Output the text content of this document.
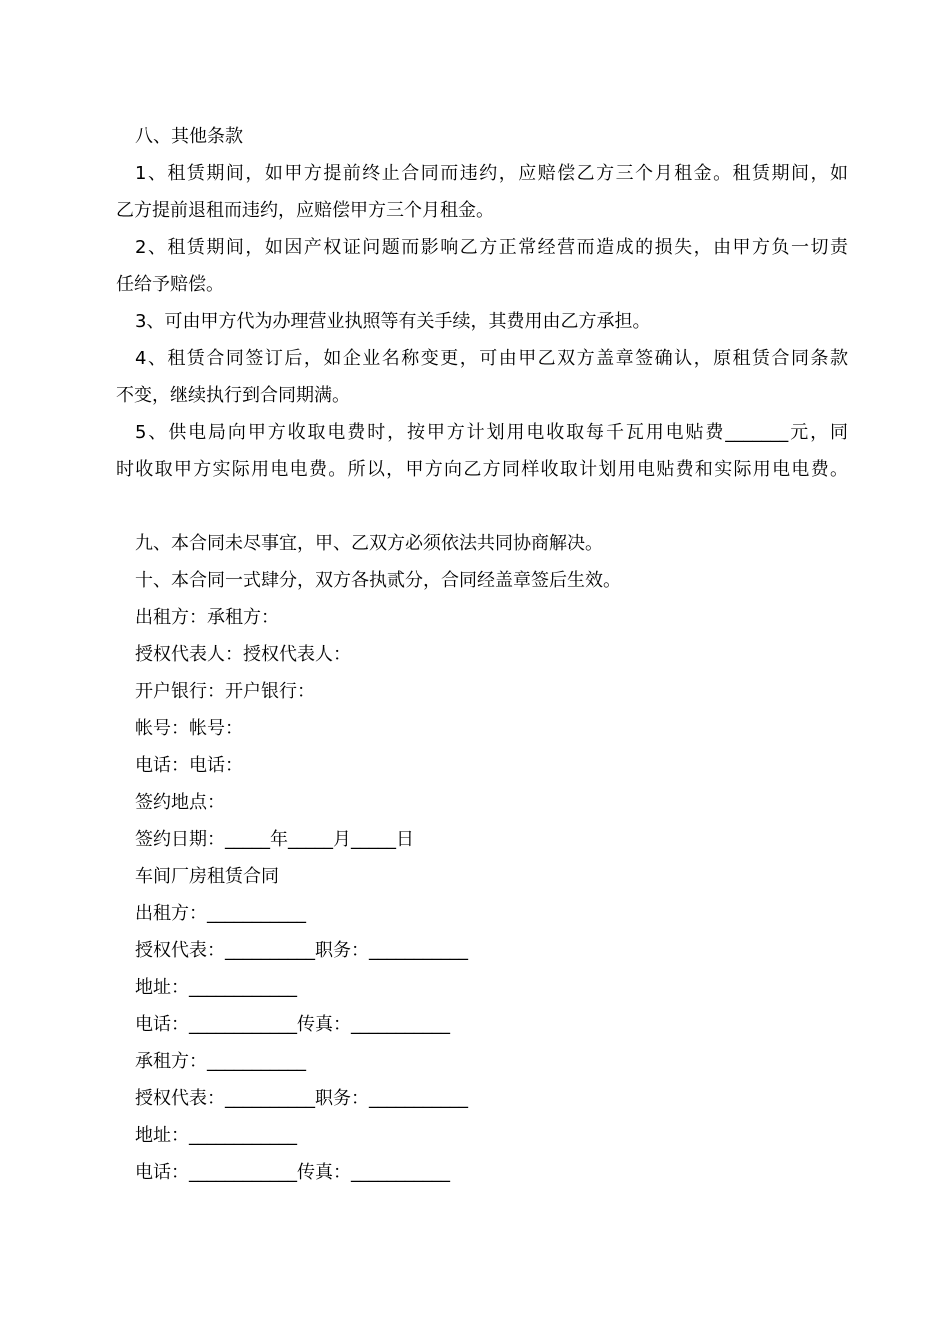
八、其他条款
1、租赁期间，如甲方提前终止合同而违约，应赔偿乙方三个月租金。租赁期间，如
乙方提前退租而违约，应赔偿甲方三个月租金。
2、租赁期间，如因产权证问题而影响乙方正常经营而造成的损失，由甲方负一切责
任给予赔偿。
3、可由甲方代为办理营业执照等有关手续，其费用由乙方承担。
4、租赁合同签订后，如企业名称变更，可由甲乙双方盖章签确认，原租赁合同条款
不变，继续执行到合同期满。
5、供电局向甲方收取电费时，按甲方计划用电收取每千瓦用电贴费_______元，同
时收取甲方实际用电电费。所以，甲方向乙方同样收取计划用电贴费和实际用电电费。
九、本合同未尽事宜，甲、乙双方必须依法共同协商解决。
十、本合同一式肆分，双方各执贰分，合同经盖章签后生效。
出租方：承租方：
授权代表人：授权代表人：
开户银行：开户银行：
帐号：帐号：
电话：电话：
签约地点：
签约日期：_____年_____月_____日
车间厂房租赁合同
出租方：___________
授权代表：__________职务：___________
地址：____________
电话：____________传真：___________
承租方：___________
授权代表：__________职务：___________
地址：____________
电话：____________传真：___________
